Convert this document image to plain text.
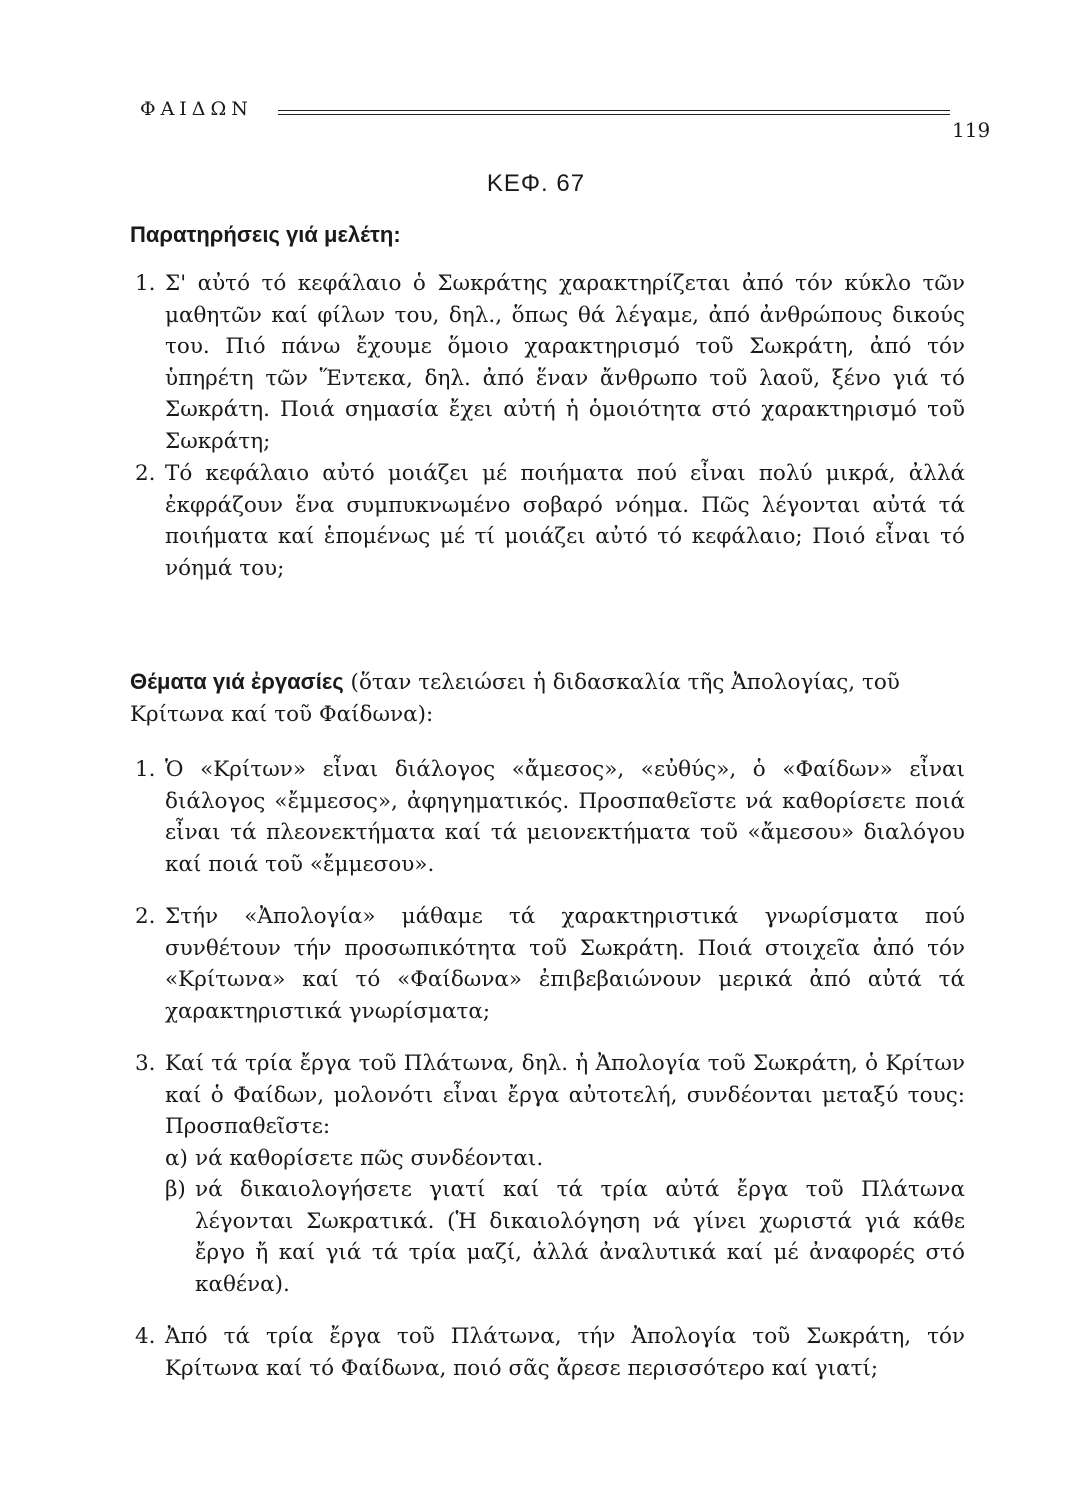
ΦΑΙΔΩΝ
119
ΚΕΦ. 67
Παρατηρήσεις γιά μελέτη:
1. Σ' αὐτό τό κεφάλαιο ὁ Σωκράτης χαρακτηρίζεται ἀπό τόν κύκλο τῶν μαθητῶν καί φίλων του, δηλ., ὅπως θά λέγαμε, ἀπό ἀνθρώπους δικούς του. Πιό πάνω ἔχουμε ὅμοιο χαρακτηρισμό τοῦ Σωκράτη, ἀπό τόν ὑπηρέτη τῶν Ἕντεκα, δηλ. ἀπό ἕναν ἄνθρωπο τοῦ λαοῦ, ξένο γιά τό Σωκράτη. Ποιά σημασία ἔχει αὐτή ἡ ὁμοιότητα στό χαρακτηρισμό τοῦ Σωκράτη;
2. Τό κεφάλαιο αὐτό μοιάζει μέ ποιήματα πού εἶναι πολύ μικρά, ἀλλά ἐκφράζουν ἕνα συμπυκνωμένο σοβαρό νόημα. Πῶς λέγονται αὐτά τά ποιήματα καί ἑπομένως μέ τί μοιάζει αὐτό τό κεφάλαιο; Ποιό εἶναι τό νόημά του;
Θέματα γιά ἐργασίες (ὅταν τελειώσει ἡ διδασκαλία τῆς Ἀπολογίας, τοῦ Κρίτωνα καί τοῦ Φαίδωνα):
1. Ὁ «Κρίτων» εἶναι διάλογος «ἄμεσος», «εὐθύς», ὁ «Φαίδων» εἶναι διάλογος «ἔμμεσος», ἀφηγηματικός. Προσπαθεῖστε νά καθορίσετε ποιά εἶναι τά πλεονεκτήματα καί τά μειονεκτήματα τοῦ «ἄμεσου» διαλόγου καί ποιά τοῦ «ἔμμεσου».
2. Στήν «Ἀπολογία» μάθαμε τά χαρακτηριστικά γνωρίσματα πού συνθέτουν τήν προσωπικότητα τοῦ Σωκράτη. Ποιά στοιχεῖα ἀπό τόν «Κρίτωνα» καί τό «Φαίδωνα» ἐπιβεβαιώνουν μερικά ἀπό αὐτά τά χαρακτηριστικά γνωρίσματα;
3. Καί τά τρία ἔργα τοῦ Πλάτωνα, δηλ. ἡ Ἀπολογία τοῦ Σωκράτη, ὁ Κρίτων καί ὁ Φαίδων, μολονότι εἶναι ἔργα αὐτοτελή, συνδέονται μεταξύ τους: Προσπαθεῖστε:
α) νά καθορίσετε πῶς συνδέονται.
β) νά δικαιολογήσετε γιατί καί τά τρία αὐτά ἔργα τοῦ Πλάτωνα λέγονται Σωκρατικά. (Ἡ δικαιολόγηση νά γίνει χωριστά γιά κάθε ἔργο ἤ καί γιά τά τρία μαζί, ἀλλά ἀναλυτικά καί μέ ἀναφορές στό καθένα).
4. Ἀπό τά τρία ἔργα τοῦ Πλάτωνα, τήν Ἀπολογία τοῦ Σωκράτη, τόν Κρίτωνα καί τό Φαίδωνα, ποιό σᾶς ἄρεσε περισσότερο καί γιατί;
